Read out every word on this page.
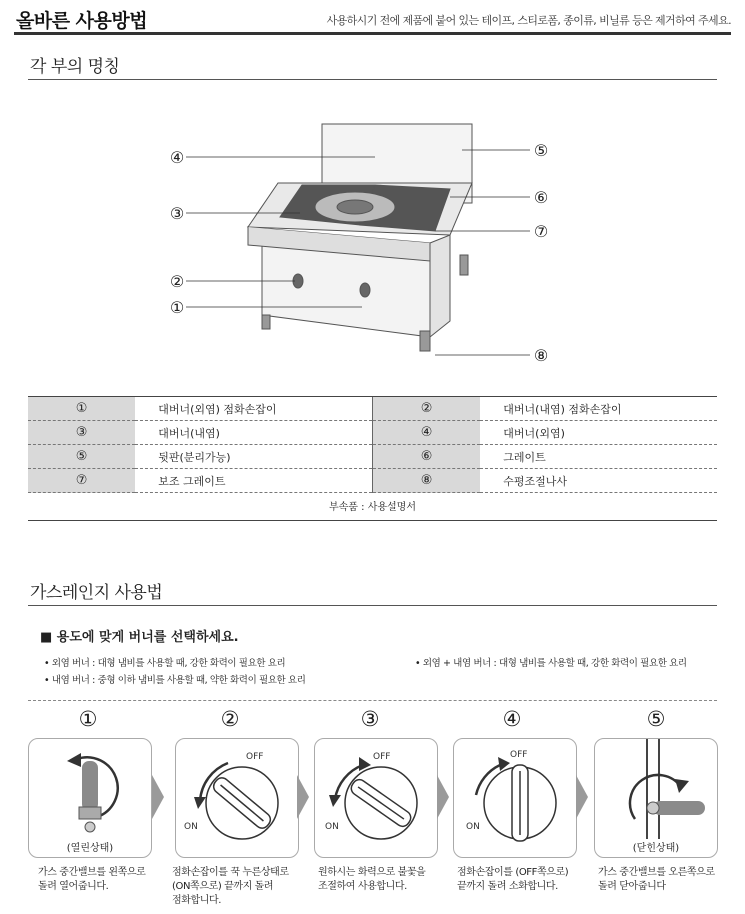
올바른 사용방법	사용하시기 전에 제품에 붙어 있는 테이프, 스티로폼, 종이류, 비닐류 등은 제거하여 주세요.
각 부의 명칭
④
③
②
①
⑤
⑥
⑦
⑧
①	대버너(외염) 점화손잡이	②	대버너(내염) 점화손잡이
③	대버너(내염)	④	대버너(외염)
⑤	뒷판(분리가능)	⑥	그레이트
⑦	보조 그레이트	⑧	수평조절나사
부속품 : 사용설명서
가스레인지 사용법
■ 용도에 맞게 버너를 선택하세요.
• 외염 버너 : 대형 냄비를 사용할 때, 강한 화력이 필요한 요리
• 내염 버너 : 중형 이하 냄비를 사용할 때, 약한 화력이 필요한 요리
• 외염 + 내염 버너 : 대형 냄비를 사용할 때, 강한 화력이 필요한 요리
①	②	③	④	⑤
(열린상태)
OFF
ON
OFF
ON
OFF
ON
(닫힌상태)
가스 중간밸브를 왼쪽으로
돌려 열어줍니다.
점화손잡이를 꾹 누른상태로
(ON쪽으로) 끝까지 돌려
점화합니다.
원하시는 화력으로 불꽃을
조절하여 사용합니다.
점화손잡이를 (OFF쪽으로)
끝까지 돌려 소화합니다.
가스 중간밸브를 오른쪽으로
돌려 닫아줍니다
